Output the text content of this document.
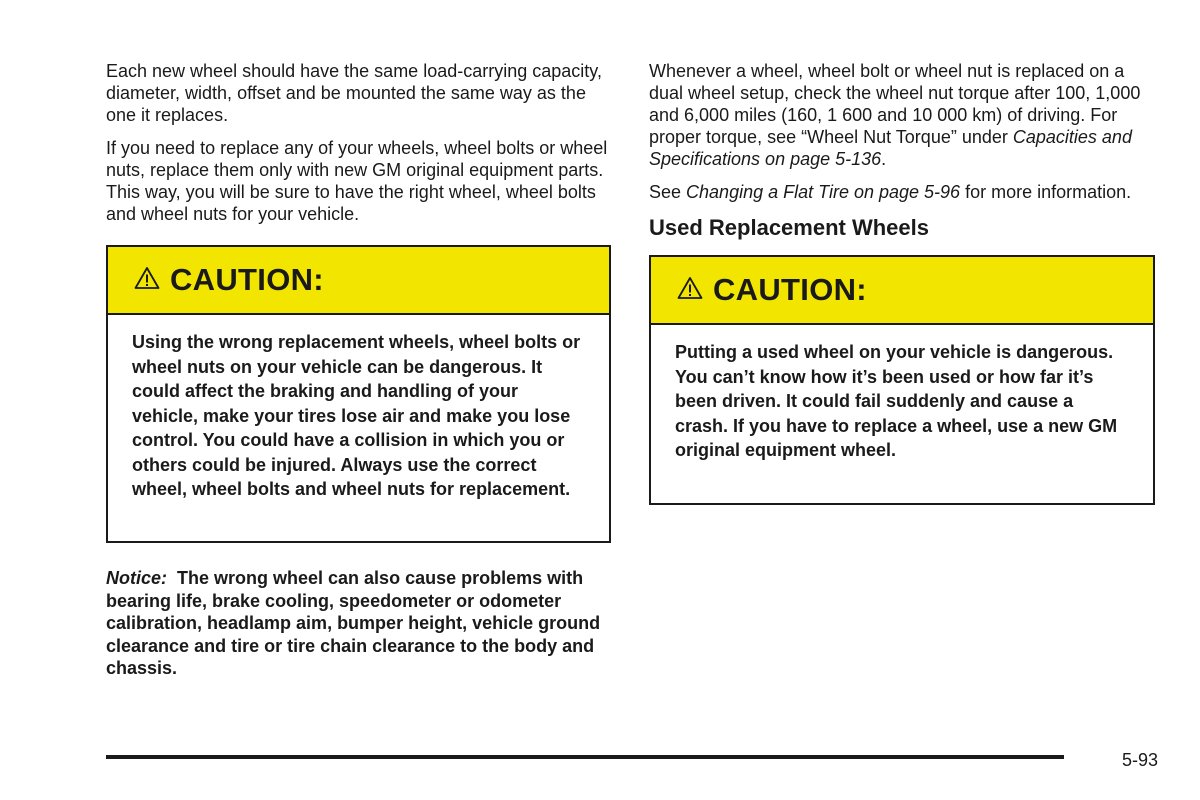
Each new wheel should have the same load-carrying capacity, diameter, width, offset and be mounted the same way as the one it replaces.

If you need to replace any of your wheels, wheel bolts or wheel nuts, replace them only with new GM original equipment parts. This way, you will be sure to have the right wheel, wheel bolts and wheel nuts for your vehicle.

CAUTION:
Using the wrong replacement wheels, wheel bolts or wheel nuts on your vehicle can be dangerous. It could affect the braking and handling of your vehicle, make your tires lose air and make you lose control. You could have a collision in which you or others could be injured. Always use the correct wheel, wheel bolts and wheel nuts for replacement.
Notice: The wrong wheel can also cause problems with bearing life, brake cooling, speedometer or odometer calibration, headlamp aim, bumper height, vehicle ground clearance and tire or tire chain clearance to the body and chassis.

Whenever a wheel, wheel bolt or wheel nut is replaced on a dual wheel setup, check the wheel nut torque after 100, 1,000 and 6,000 miles (160, 1 600 and 10 000 km) of driving. For proper torque, see “Wheel Nut Torque” under Capacities and Specifications on page 5-136.

See Changing a Flat Tire on page 5-96 for more information.

Used Replacement Wheels
CAUTION:
Putting a used wheel on your vehicle is dangerous. You can’t know how it’s been used or how far it’s been driven. It could fail suddenly and cause a crash. If you have to replace a wheel, use a new GM original equipment wheel.
5-93
